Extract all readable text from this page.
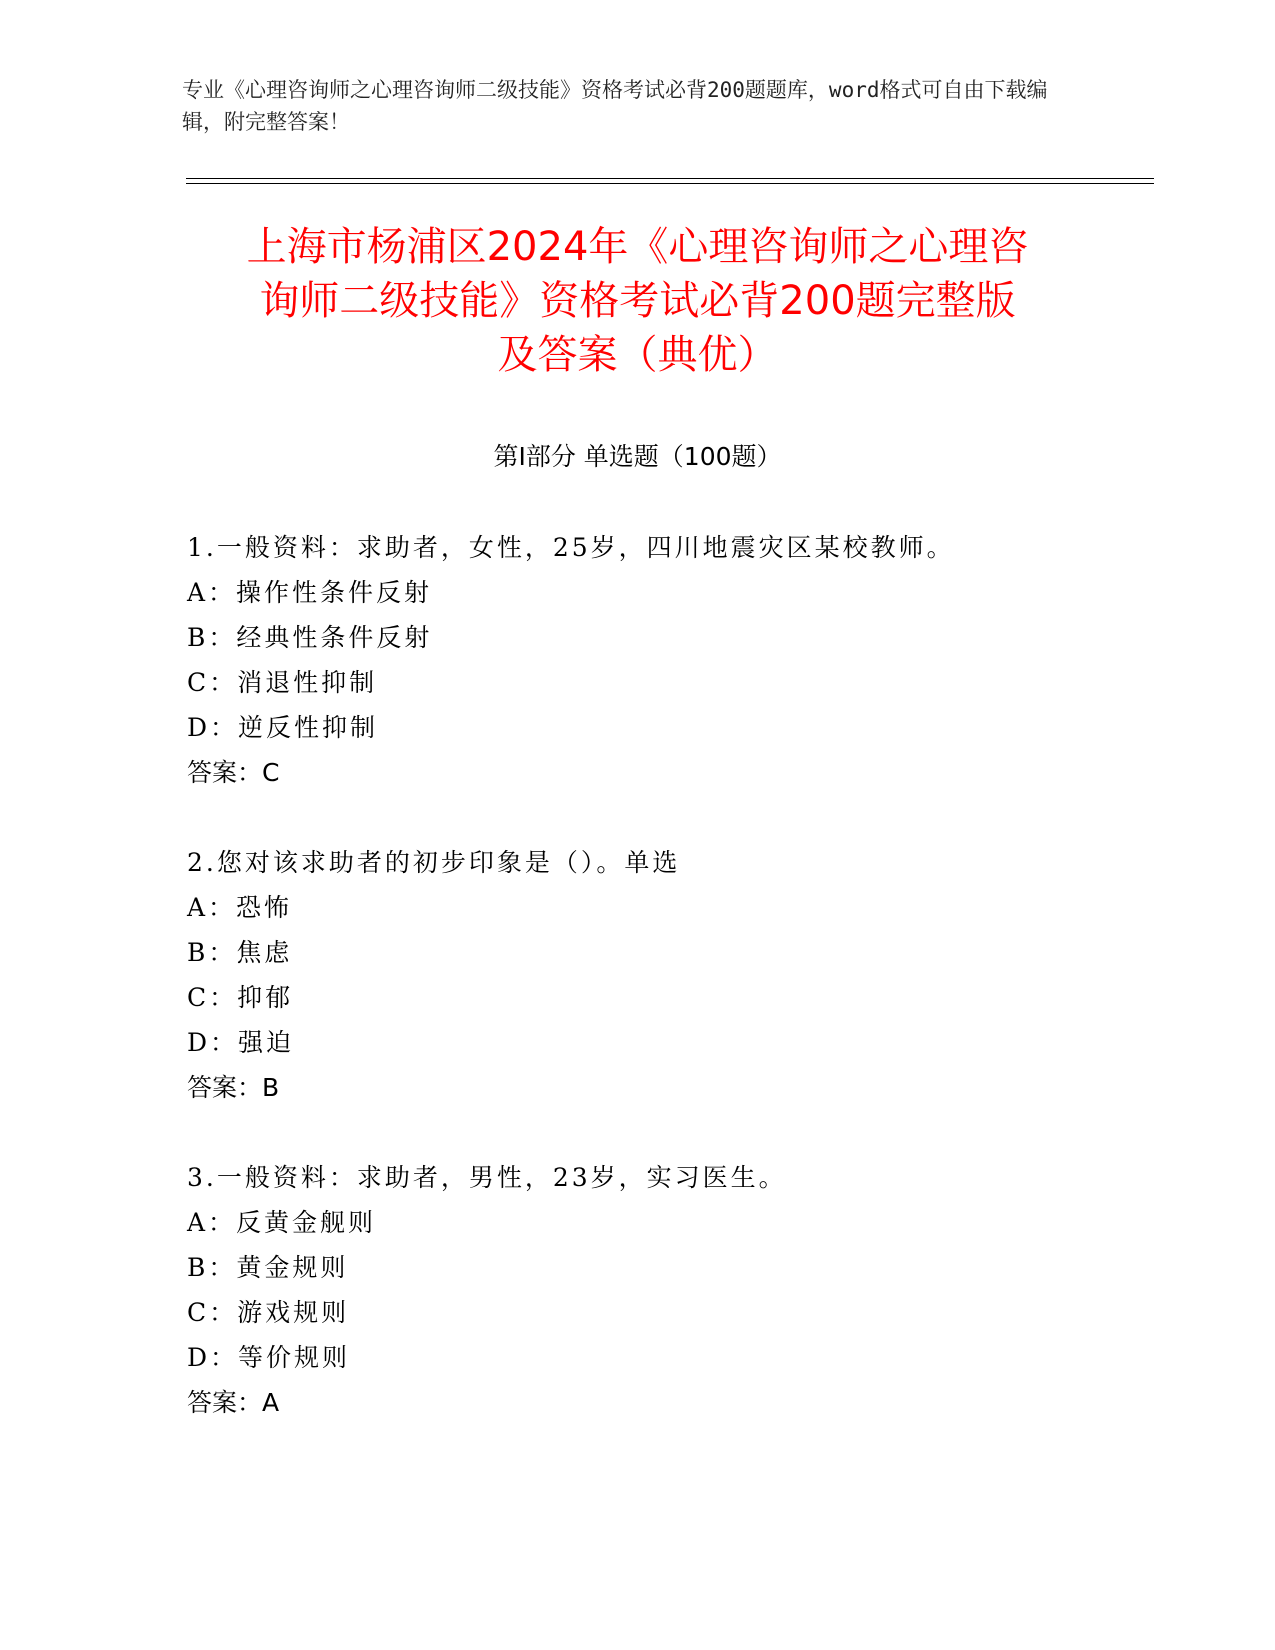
专业《心理咨询师之心理咨询师二级技能》资格考试必背200题题库，word格式可自由下载编辑，附完整答案！
上海市杨浦区2024年《心理咨询师之心理咨
询师二级技能》资格考试必背200题完整版
及答案（典优）
第Ⅰ部分 单选题（100题）
1.一般资料：求助者，女性，25岁，四川地震灾区某校教师。
A：操作性条件反射
B：经典性条件反射
C：消退性抑制
D：逆反性抑制
答案：C
2.您对该求助者的初步印象是（）。单选
A：恐怖
B：焦虑
C：抑郁
D：强迫
答案：B
3.一般资料：求助者，男性，23岁，实习医生。
A：反黄金舰则
B：黄金规则
C：游戏规则
D：等价规则
答案：A
